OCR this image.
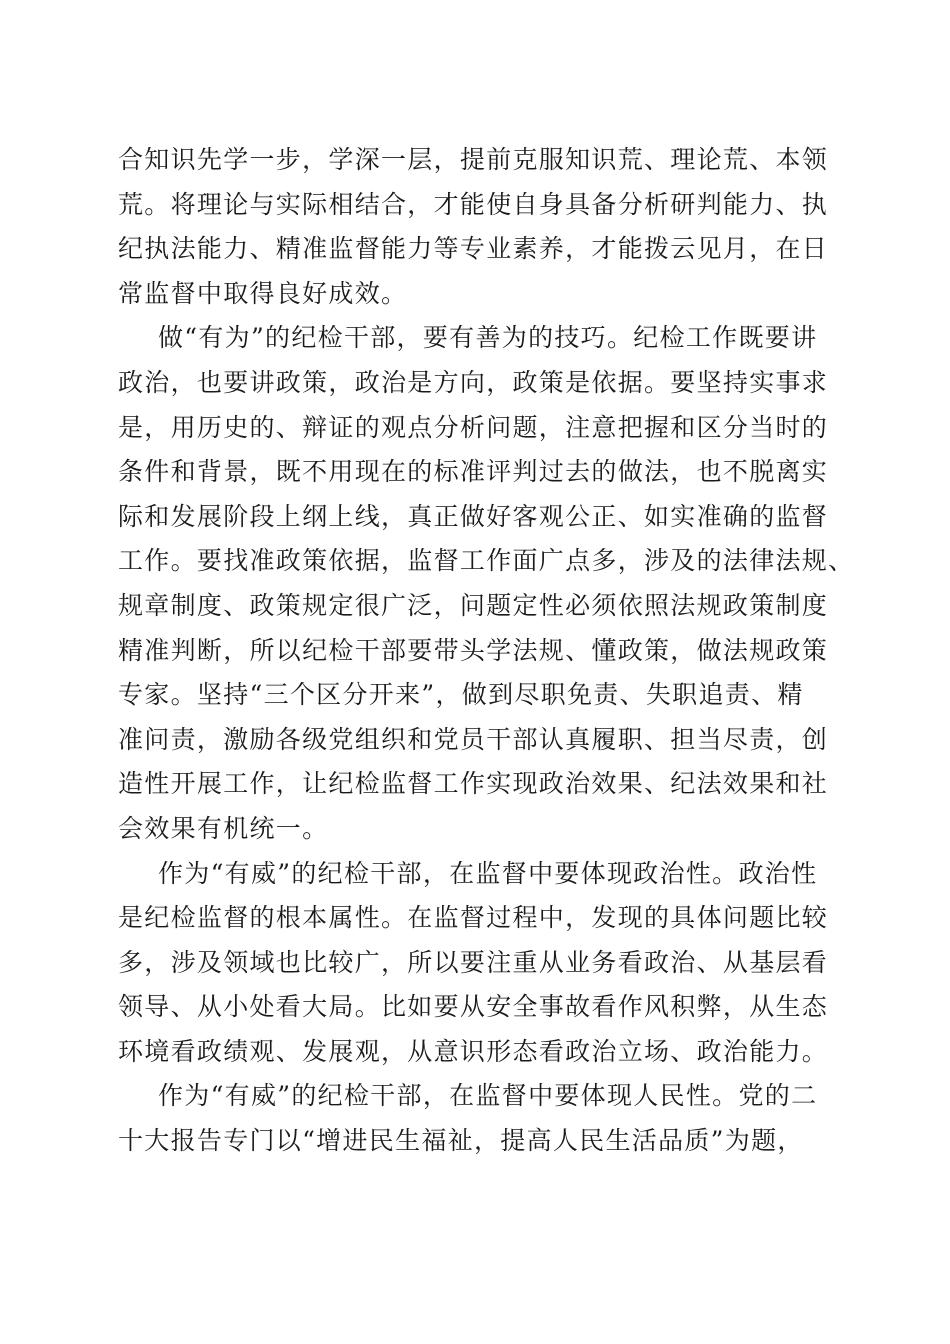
合知识先学一步，学深一层，提前克服知识荒、理论荒、本领
荒。将理论与实际相结合，才能使自身具备分析研判能力、执
纪执法能力、精准监督能力等专业素养，才能拨云见月，在日
常监督中取得良好成效。
做“有为”的纪检干部，要有善为的技巧。纪检工作既要讲
政治，也要讲政策，政治是方向，政策是依据。要坚持实事求
是，用历史的、辩证的观点分析问题，注意把握和区分当时的
条件和背景，既不用现在的标准评判过去的做法，也不脱离实
际和发展阶段上纲上线，真正做好客观公正、如实准确的监督
工作。要找准政策依据，监督工作面广点多，涉及的法律法规、
规章制度、政策规定很广泛，问题定性必须依照法规政策制度
精准判断，所以纪检干部要带头学法规、懂政策，做法规政策
专家。坚持“三个区分开来”，做到尽职免责、失职追责、精
准问责，激励各级党组织和党员干部认真履职、担当尽责，创
造性开展工作，让纪检监督工作实现政治效果、纪法效果和社
会效果有机统一。
作为“有威”的纪检干部，在监督中要体现政治性。政治性
是纪检监督的根本属性。在监督过程中，发现的具体问题比较
多，涉及领域也比较广，所以要注重从业务看政治、从基层看
领导、从小处看大局。比如要从安全事故看作风积弊，从生态
环境看政绩观、发展观，从意识形态看政治立场、政治能力。
作为“有威”的纪检干部，在监督中要体现人民性。党的二
十大报告专门以“增进民生福祉，提高人民生活品质”为题，
